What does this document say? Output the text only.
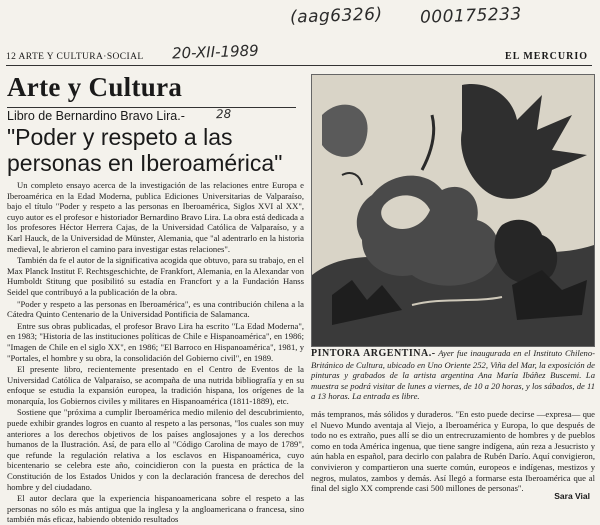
(aag6326) 000175233
20-XII-1989
12 ARTE Y CULTURA·SOCIAL	EL MERCURIO
Arte y Cultura
Libro de Bernardino Bravo Lira.-	28
"Poder y respeto a las personas en Iberoamérica"

Un completo ensayo acerca de la investigación de las relaciones entre Europa e Iberoamérica en la Edad Moderna, publica Ediciones Universitarias de Valparaíso, bajo el título "Poder y respeto a las personas en Iberoamérica, Siglos XVI al XX", cuyo autor es el profesor e historiador Bernardino Bravo Lira. La obra está dedicada a los profesores Héctor Herrera Cajas, de la Universidad Católica de Valparaíso, y a Karl Hauck, de la Universidad de Münster, Alemania, que "al adentrarlo en la historia medieval, le abrieron el camino para investigar estas relaciones".

También da fe el autor de la significativa acogida que obtuvo, para su trabajo, en el Max Planck Institut F. Rechtsgeschichte, de Frankfort, Alemania, en la Alexandar von Humboldt Stitung que posibilitó su estadía en Francfort y a la Fundación Hanss Seidel que contribuyó a la publicación de la obra.

"Poder y respeto a las personas en Iberoamérica", es una contribución chilena a la Cátedra Quinto Centenario de la Universidad Pontificia de Salamanca.

Entre sus obras publicadas, el profesor Bravo Lira ha escrito "La Edad Moderna", en 1983; "Historia de las instituciones políticas de Chile e Hispanoamérica", en 1986; "Imagen de Chile en el siglo XX", en 1986; "El Barroco en Hispanoamérica", 1981, y "Portales, el hombre y su obra, la consolidación del Gobierno civil", en 1989.

El presente libro, recientemente presentado en el Centro de Eventos de la Universidad Católica de Valparaíso, se acompaña de una nutrida bibliografía y en su enfoque se estudia la expansión europea, la tradición hispana, los orígenes de la monarquía, los Gobiernos civiles y militares en Hispanoamérica (1811-1889), etc.

Sostiene que "próxima a cumplir Iberoamérica medio milenio del descubrimiento, puede exhibir grandes logros en cuanto al respeto a las personas, "los cuales son muy anteriores a los derechos objetivos de los países anglosajones y a los derechos humanos de la Ilustración. Así, de para ello al "Código Carolina de mayo de 1789", que refunde la regulación relativa a los esclavos en Hispanoamérica, cuyo bicentenario se celebra este año, coincidieron con la puesta en práctica de la Constitución de los Estados Unidos y con la declaración francesa de derechos del hombre y del ciudadano.

El autor declara que la experiencia hispanoamericana sobre el respeto a las personas no sólo es más antigua que la inglesa y la angloamericana o francesa, sino también más eficaz, habiendo obtenido resultados

PINTORA ARGENTINA.- Ayer fue inaugurada en el Instituto Chileno-Británico de Cultura, ubicado en Uno Oriente 252, Viña del Mar, la exposición de pinturas y grabados de la artista argentina Ana María Ibáñez Buscemi. La muestra se podrá visitar de lunes a viernes, de 10 a 20 horas, y los sábados, de 11 a 13 horas. La entrada es libre.

más tempranos, más sólidos y duraderos. "En esto puede decirse —expresa— que el Nuevo Mundo aventaja al Viejo, a Iberoamérica y Europa, lo que después de todo no es extraño, pues allí se dio un entrecruzamiento de hombres y de pueblos como en toda América ingenua, que tiene sangre indígena, aún reza a Jesucristo y aún habla en español, para decirlo con palabra de Rubén Darío. Aquí convigieron, convivieron y compartieron una suerte común, europeos e indígenas, mestizos y negros, mulatos, zambos y demás. Así llegó a formarse esta Iberoamérica que al final del siglo XX comprende casi 500 millones de personas".

Sara Vial
